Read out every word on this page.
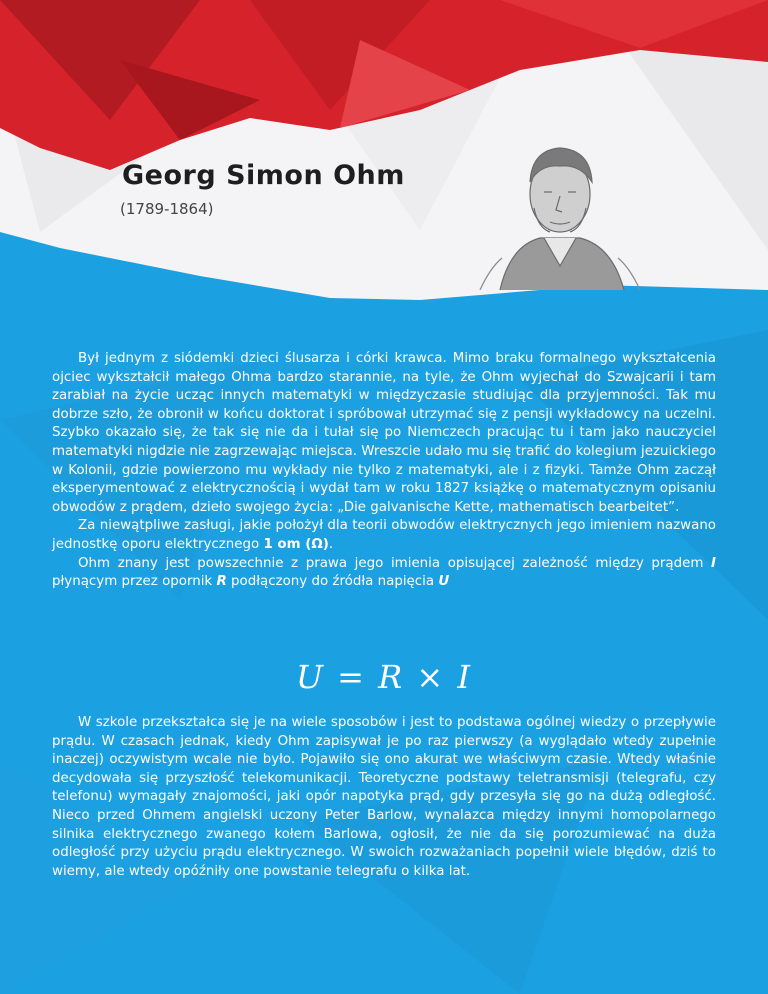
Georg Simon Ohm
(1789-1864)

Był jednym z siódemki dzieci ślusarza i córki krawca. Mimo braku formalnego wykształcenia ojciec wykształcił małego Ohma bardzo starannie, na tyle, że Ohm wyjechał do Szwajcarii i tam zarabiał na życie ucząc innych matematyki w międzyczasie studiując dla przyjemności. Tak mu dobrze szło, że obronił w końcu doktorat i spróbował utrzymać się z pensji wykładowcy na uczelni. Szybko okazało się, że tak się nie da i tułał się po Niemczech pracując tu i tam jako nauczyciel matematyki nigdzie nie zagrzewając miejsca. Wreszcie udało mu się trafić do kolegium jezuickiego w Kolonii, gdzie powierzono mu wykłady nie tylko z matematyki, ale i z fizyki. Tamże Ohm zaczął eksperymentować z elektrycznością i wydał tam w roku 1827 książkę o matematycznym opisaniu obwodów z prądem, dzieło swojego życia: „Die galvanische Kette, mathematisch bearbeitet”.

Za niewątpliwe zasługi, jakie położył dla teorii obwodów elektrycznych jego imieniem nazwano jednostkę oporu elektrycznego 1 om (Ω).

Ohm znany jest powszechnie z prawa jego imienia opisującej zależność między prądem I płynącym przez opornik R podłączony do źródła napięcia U

U = R × I

W szkole przekształca się je na wiele sposobów i jest to podstawa ogólnej wiedzy o przepływie prądu. W czasach jednak, kiedy Ohm zapisywał je po raz pierwszy (a wyglądało wtedy zupełnie inaczej) oczywistym wcale nie było. Pojawiło się ono akurat we właściwym czasie. Wtedy właśnie decydowała się przyszłość telekomunikacji. Teoretyczne podstawy teletransmisji (telegrafu, czy telefonu) wymagały znajomości, jaki opór napotyka prąd, gdy przesyła się go na dużą odległość. Nieco przed Ohmem angielski uczony Peter Barlow, wynalazca między innymi homopolarnego silnika elektrycznego zwanego kołem Barlowa, ogłosił, że nie da się porozumiewać na duża odległość przy użyciu prądu elektrycznego. W swoich rozważaniach popełnił wiele błędów, dziś to wiemy, ale wtedy opóźniły one powstanie telegrafu o kilka lat.
